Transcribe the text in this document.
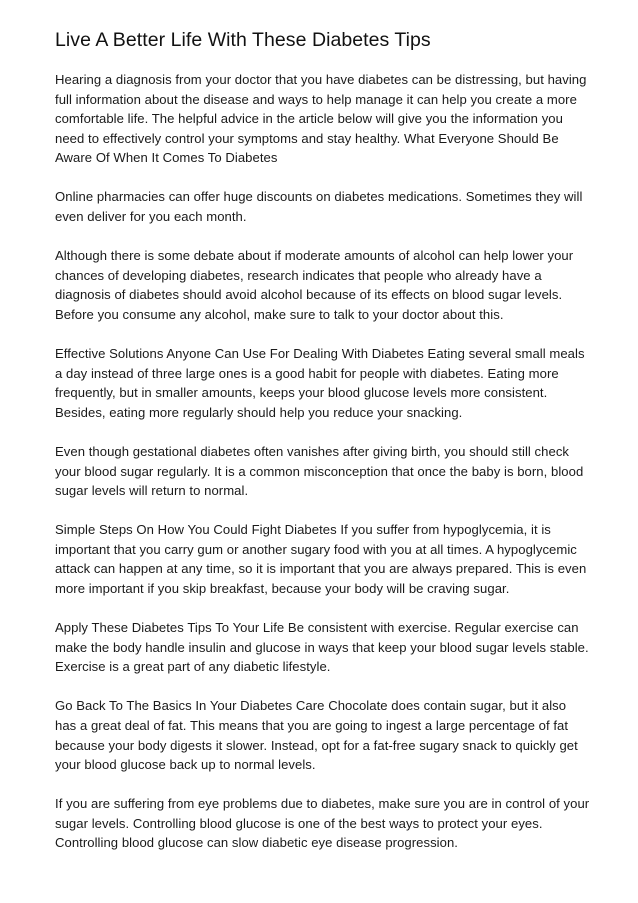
Live A Better Life With These Diabetes Tips

Hearing a diagnosis from your doctor that you have diabetes can be distressing, but having full information about the disease and ways to help manage it can help you create a more comfortable life. The helpful advice in the article below will give you the information you need to effectively control your symptoms and stay healthy. What Everyone Should Be Aware Of When It Comes To Diabetes

Online pharmacies can offer huge discounts on diabetes medications. Sometimes they will even deliver for you each month.

Although there is some debate about if moderate amounts of alcohol can help lower your chances of developing diabetes, research indicates that people who already have a diagnosis of diabetes should avoid alcohol because of its effects on blood sugar levels. Before you consume any alcohol, make sure to talk to your doctor about this.

Effective Solutions Anyone Can Use For Dealing With Diabetes Eating several small meals a day instead of three large ones is a good habit for people with diabetes. Eating more frequently, but in smaller amounts, keeps your blood glucose levels more consistent. Besides, eating more regularly should help you reduce your snacking.

Even though gestational diabetes often vanishes after giving birth, you should still check your blood sugar regularly. It is a common misconception that once the baby is born, blood sugar levels will return to normal.

Simple Steps On How You Could Fight Diabetes If you suffer from hypoglycemia, it is important that you carry gum or another sugary food with you at all times. A hypoglycemic attack can happen at any time, so it is important that you are always prepared. This is even more important if you skip breakfast, because your body will be craving sugar.

Apply These Diabetes Tips To Your Life Be consistent with exercise. Regular exercise can make the body handle insulin and glucose in ways that keep your blood sugar levels stable. Exercise is a great part of any diabetic lifestyle.

Go Back To The Basics In Your Diabetes Care Chocolate does contain sugar, but it also has a great deal of fat. This means that you are going to ingest a large percentage of fat because your body digests it slower. Instead, opt for a fat-free sugary snack to quickly get your blood glucose back up to normal levels.

If you are suffering from eye problems due to diabetes, make sure you are in control of your sugar levels. Controlling blood glucose is one of the best ways to protect your eyes. Controlling blood glucose can slow diabetic eye disease progression.
